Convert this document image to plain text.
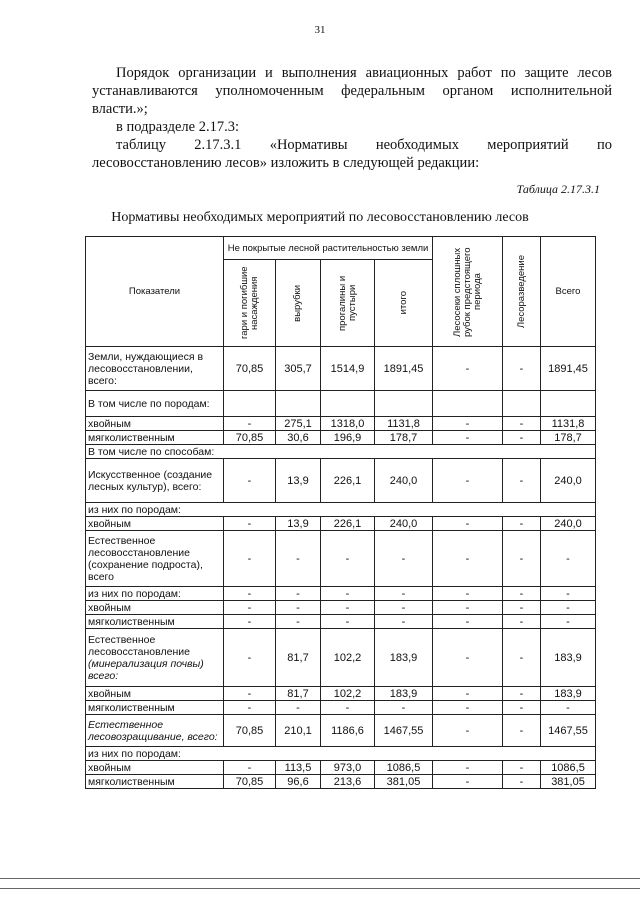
31

Порядок организации и выполнения авиационных работ по защите лесов устанавливаются уполномоченным федеральным органом исполнительной власти.»;

в подразделе 2.17.3:

таблицу 2.17.3.1 «Нормативы необходимых мероприятий по лесовосстановлению лесов» изложить в следующей редакции:

Таблица 2.17.3.1
Нормативы необходимых мероприятий по лесовосстановлению лесов
Показатели	Не покрытые лесной растительностью земли				Лесосеки сплошных рубок предстоящего периода	Лесоразведение	Всего

	гари и погибшие насаждения	вырубки	прогалины и пустыри	итого			

Земли, нуждающиеся в лесовосстановлении, всего:	70,85	305,7	1514,9	1891,45	-	-	1891,45
В том числе по породам:							
хвойным	-	275,1	1318,0	1131,8	-	-	1131,8
мягколиственным	70,85	30,6	196,9	178,7	-	-	178,7
В том числе по способам:							
Искусственное (создание лесных культур), всего:	-	13,9	226,1	240,0	-	-	240,0
из них по породам:							
хвойным	-	13,9	226,1	240,0	-	-	240,0
Естественное лесовосстановление (сохранение подроста), всего	-	-	-	-	-	-	-
из них по породам:	-	-	-	-	-	-	-
хвойным	-	-	-	-	-	-	-
мягколиственным	-	-	-	-	-	-	-
Естественное лесовосстановление (минерализация почвы) всего:	-	81,7	102,2	183,9	-	-	183,9
хвойным	-	81,7	102,2	183,9	-	-	183,9
мягколиственным	-	-	-	-	-	-	-
Естественное лесовозращивание, всего:	70,85	210,1	1186,6	1467,55	-	-	1467,55
из них по породам:							
хвойным	-	113,5	973,0	1086,5	-	-	1086,5
мягколиственным	70,85	96,6	213,6	381,05	-	-	381,05
